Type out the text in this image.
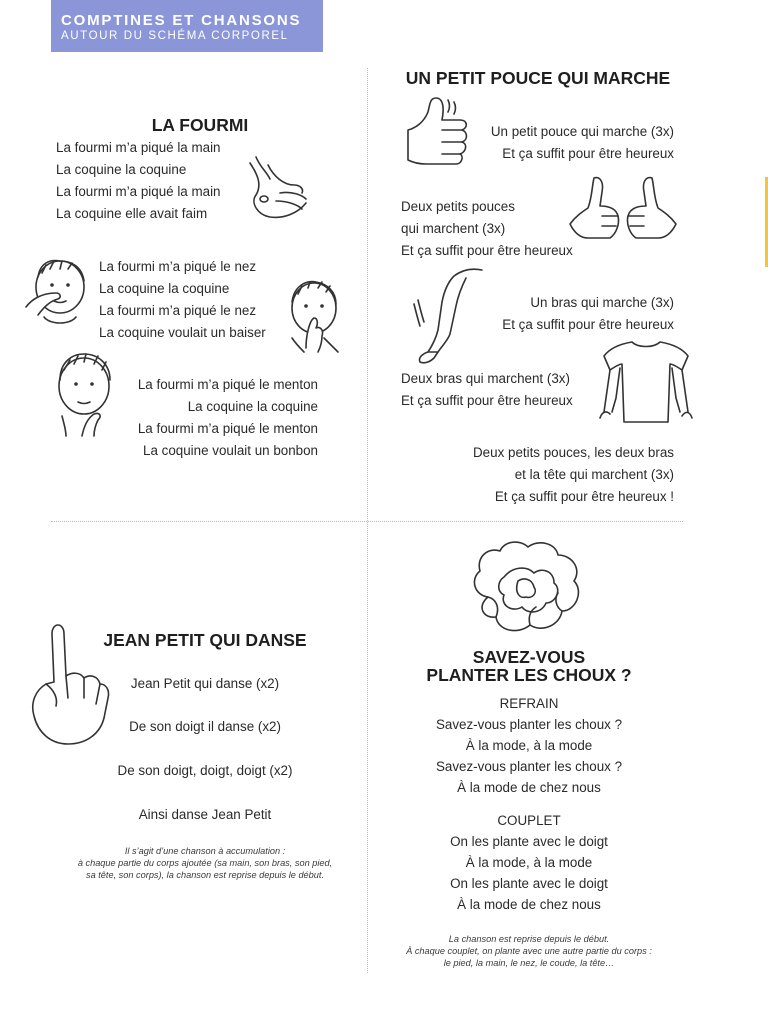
COMPTINES ET CHANSONS
AUTOUR DU SCHÉMA CORPOREL
LA FOURMI
La fourmi m’a piqué la main
La coquine la coquine
La fourmi m’a piqué la main
La coquine elle avait faim
La fourmi m’a piqué le nez
La coquine la coquine
La fourmi m’a piqué le nez
La coquine voulait un baiser
La fourmi m’a piqué le menton
La coquine la coquine
La fourmi m’a piqué le menton
La coquine voulait un bonbon
UN PETIT POUCE QUI MARCHE
Un petit pouce qui marche (3x)
Et ça suffit pour être heureux
Deux petits pouces
qui marchent (3x)
Et ça suffit pour être heureux
Un bras qui marche (3x)
Et ça suffit pour être heureux
Deux bras qui marchent (3x)
Et ça suffit pour être heureux
Deux petits pouces, les deux bras
et la tête qui marchent (3x)
Et ça suffit pour être heureux !
JEAN PETIT QUI DANSE
Jean Petit qui danse (x2)
De son doigt il danse (x2)
De son doigt, doigt, doigt (x2)
Ainsi danse Jean Petit
Il s’agit d’une chanson à accumulation :
à chaque partie du corps ajoutée (sa main, son bras, son pied,
sa tête, son corps), la chanson est reprise depuis le début.
SAVEZ-VOUS
PLANTER LES CHOUX ?
REFRAIN
Savez-vous planter les choux ?
À la mode, à la mode
Savez-vous planter les choux ?
À la mode de chez nous
COUPLET
On les plante avec le doigt
À la mode, à la mode
On les plante avec le doigt
À la mode de chez nous
La chanson est reprise depuis le début.
À chaque couplet, on plante avec une autre partie du corps :
le pied, la main, le nez, le coude, la tête…
